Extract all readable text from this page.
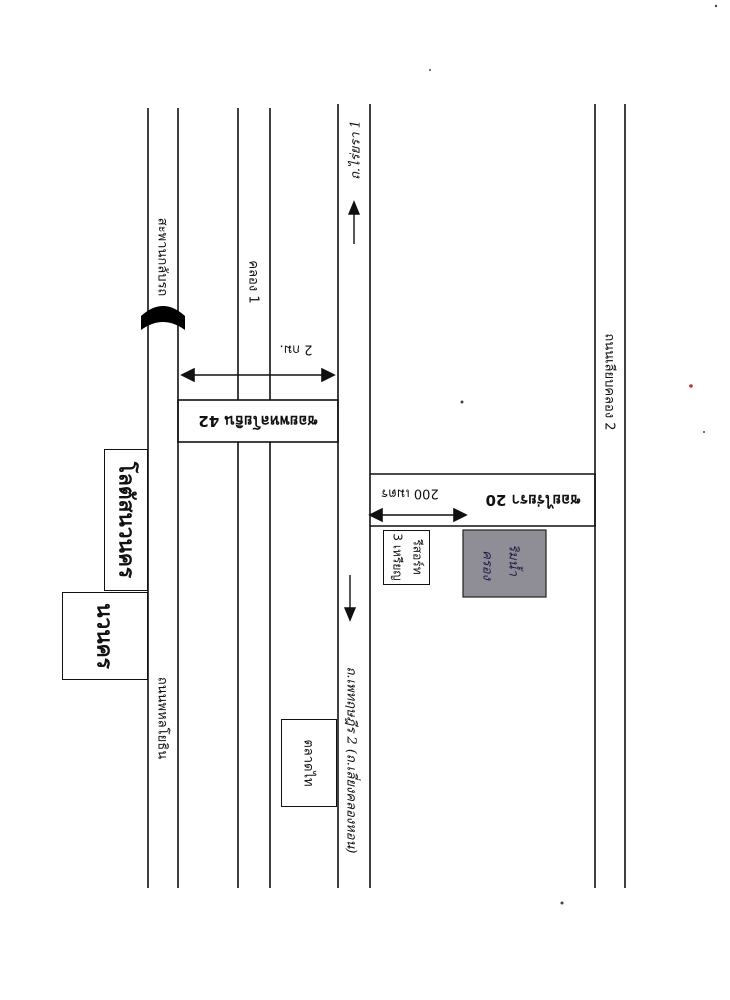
ถนนพหลโยธิน
ถนนเลียบคลอง 2
สะพานกลับรถ	คลอง 1
ซอยพหลโยธิน 42
ซอยไร่ยรา 20
นวนคร
โลตัสนวนคร
ตลาดไท
3 เหรียญ รีสอร์ท	ครอง ริมน้ำ
2 กม.
200 เมตร
ถ.ไร่ยรา 1
ถ.เพทฤษฎีร 2 (ถ.เลี่ยงคลองหอน)
